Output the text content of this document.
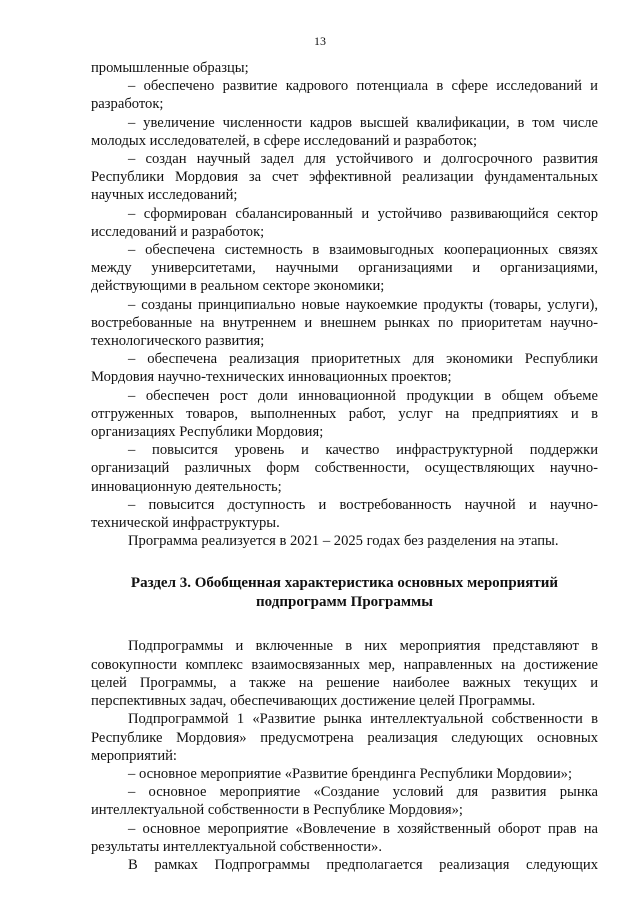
13

промышленные образцы;

– обеспечено развитие кадрового потенциала в сфере исследований и разработок;

– увеличение численности кадров высшей квалификации, в том числе молодых исследователей, в сфере исследований и разработок;

– создан научный задел для устойчивого и долгосрочного развития Республики Мордовия за счет эффективной реализации фундаментальных научных исследований;

– сформирован сбалансированный и устойчиво развивающийся сектор исследований и разработок;

– обеспечена системность в взаимовыгодных кооперационных связях между университетами, научными организациями и организациями, действующими в реальном секторе экономики;

– созданы принципиально новые наукоемкие продукты (товары, услуги), востребованные на внутреннем и внешнем рынках по приоритетам научно-технологического развития;

– обеспечена реализация приоритетных для экономики Республики Мордовия научно-технических инновационных проектов;

– обеспечен рост доли инновационной продукции в общем объеме отгруженных товаров, выполненных работ, услуг на предприятиях и в организациях Республики Мордовия;

– повысится уровень и качество инфраструктурной поддержки организаций различных форм собственности, осуществляющих научно-инновационную деятельность;

– повысится доступность и востребованность научной и научно-технической инфраструктуры.

Программа реализуется в 2021 – 2025 годах без разделения на этапы.

Раздел 3. Обобщенная характеристика основных мероприятий
подпрограмм Программы

Подпрограммы и включенные в них мероприятия представляют в совокупности комплекс взаимосвязанных мер, направленных на достижение целей Программы, а также на решение наиболее важных текущих и перспективных задач, обеспечивающих достижение целей Программы.

Подпрограммой 1 «Развитие рынка интеллектуальной собственности в Республике Мордовия» предусмотрена реализация следующих основных мероприятий:

– основное мероприятие «Развитие брендинга Республики Мордовии»;

– основное мероприятие «Создание условий для развития рынка интеллектуальной собственности в Республике Мордовия»;

– основное мероприятие «Вовлечение в хозяйственный оборот прав на результаты интеллектуальной собственности».

В рамках Подпрограммы предполагается реализация следующих
